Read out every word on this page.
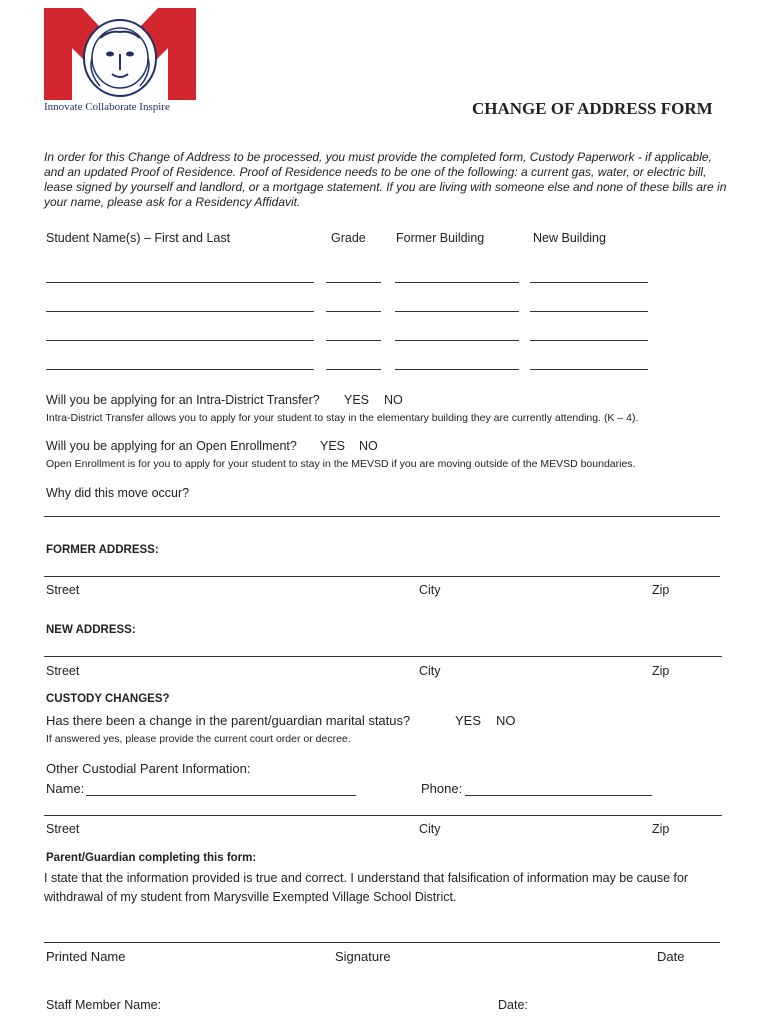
Innovate Collaborate Inspire	CHANGE OF ADDRESS FORM
In order for this Change of Address to be processed, you must provide the completed form, Custody Paperwork - if applicable, and an updated Proof of Residence. Proof of Residence needs to be one of the following: a current gas, water, or electric bill, lease signed by yourself and landlord, or a mortgage statement. If you are living with someone else and none of these bills are in your name, please ask for a Residency Affidavit.
Student Name(s) – First and Last	Grade Former Building	New Building
Will you be applying for an Intra-District Transfer? YES NO
Intra-District Transfer allows you to apply for your student to stay in the elementary building they are currently attending. (K – 4).
Will you be applying for an Open Enrollment? YES NO
Open Enrollment is for you to apply for your student to stay in the MEVSD if you are moving outside of the MEVSD boundaries.
Why did this move occur?
FORMER ADDRESS:
Street	City	Zip
NEW ADDRESS:
Street	City	Zip
CUSTODY CHANGES?
Has there been a change in the parent/guardian marital status?	YES NO
If answered yes, please provide the current court order or decree.
Other Custodial Parent Information:
Name:	Phone:
Street	City	Zip
Parent/Guardian completing this form:
I state that the information provided is true and correct. I understand that falsification of information may be cause for withdrawal of my student from Marysville Exempted Village School District.
Printed Name	Signature	Date
Staff Member Name:	Date:
